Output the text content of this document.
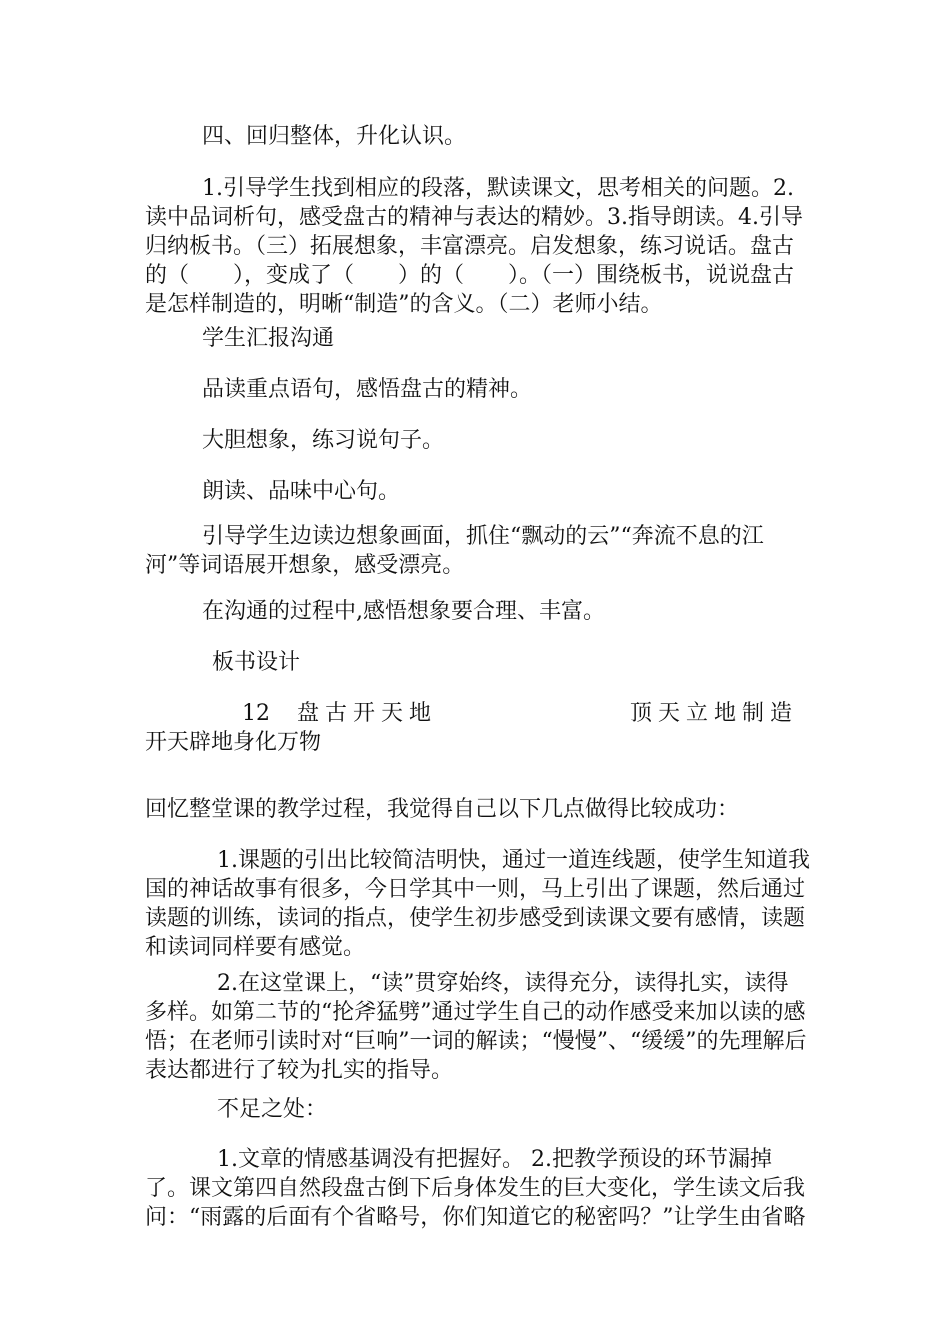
四、回归整体，升化认识。

1.引导学生找到相应的段落，默读课文，思考相关的问题。2.读中品词析句，感受盘古的精神与表达的精妙。3.指导朗读。4.引导归纳板书。（三）拓展想象，丰富漂亮。启发想象，练习说话。盘古的（　　），变成了（　　）的（　　）。（一）围绕板书，说说盘古是怎样制造的，明晰“制造”的含义。（二）老师小结。

学生汇报沟通

品读重点语句，感悟盘古的精神。

大胆想象，练习说句子。

朗读、品味中心句。

引导学生边读边想象画面，抓住“飘动的云”“奔流不息的江河”等词语展开想象，感受漂亮。

在沟通的过程中,感悟想象要合理、丰富。

板书设计
12 盘古开天地	顶天立地制造
开天辟地身化万物

回忆整堂课的教学过程，我觉得自己以下几点做得比较成功：

1.课题的引出比较简洁明快，通过一道连线题，使学生知道我国的神话故事有很多，今日学其中一则，马上引出了课题，然后通过读题的训练，读词的指点，使学生初步感受到读课文要有感情，读题和读词同样要有感觉。

2.在这堂课上，“读”贯穿始终，读得充分，读得扎实，读得多样。如第二节的“抡斧猛劈”通过学生自己的动作感受来加以读的感悟；在老师引读时对“巨响”一词的解读；“慢慢”、“缓缓”的先理解后表达都进行了较为扎实的指导。

不足之处：

1.文章的情感基调没有把握好。 2.把教学预设的环节漏掉了。课文第四自然段盘古倒下后身体发生的巨大变化，学生读文后我问：“雨露的后面有个省略号，你们知道它的秘密吗？”让学生由省略
